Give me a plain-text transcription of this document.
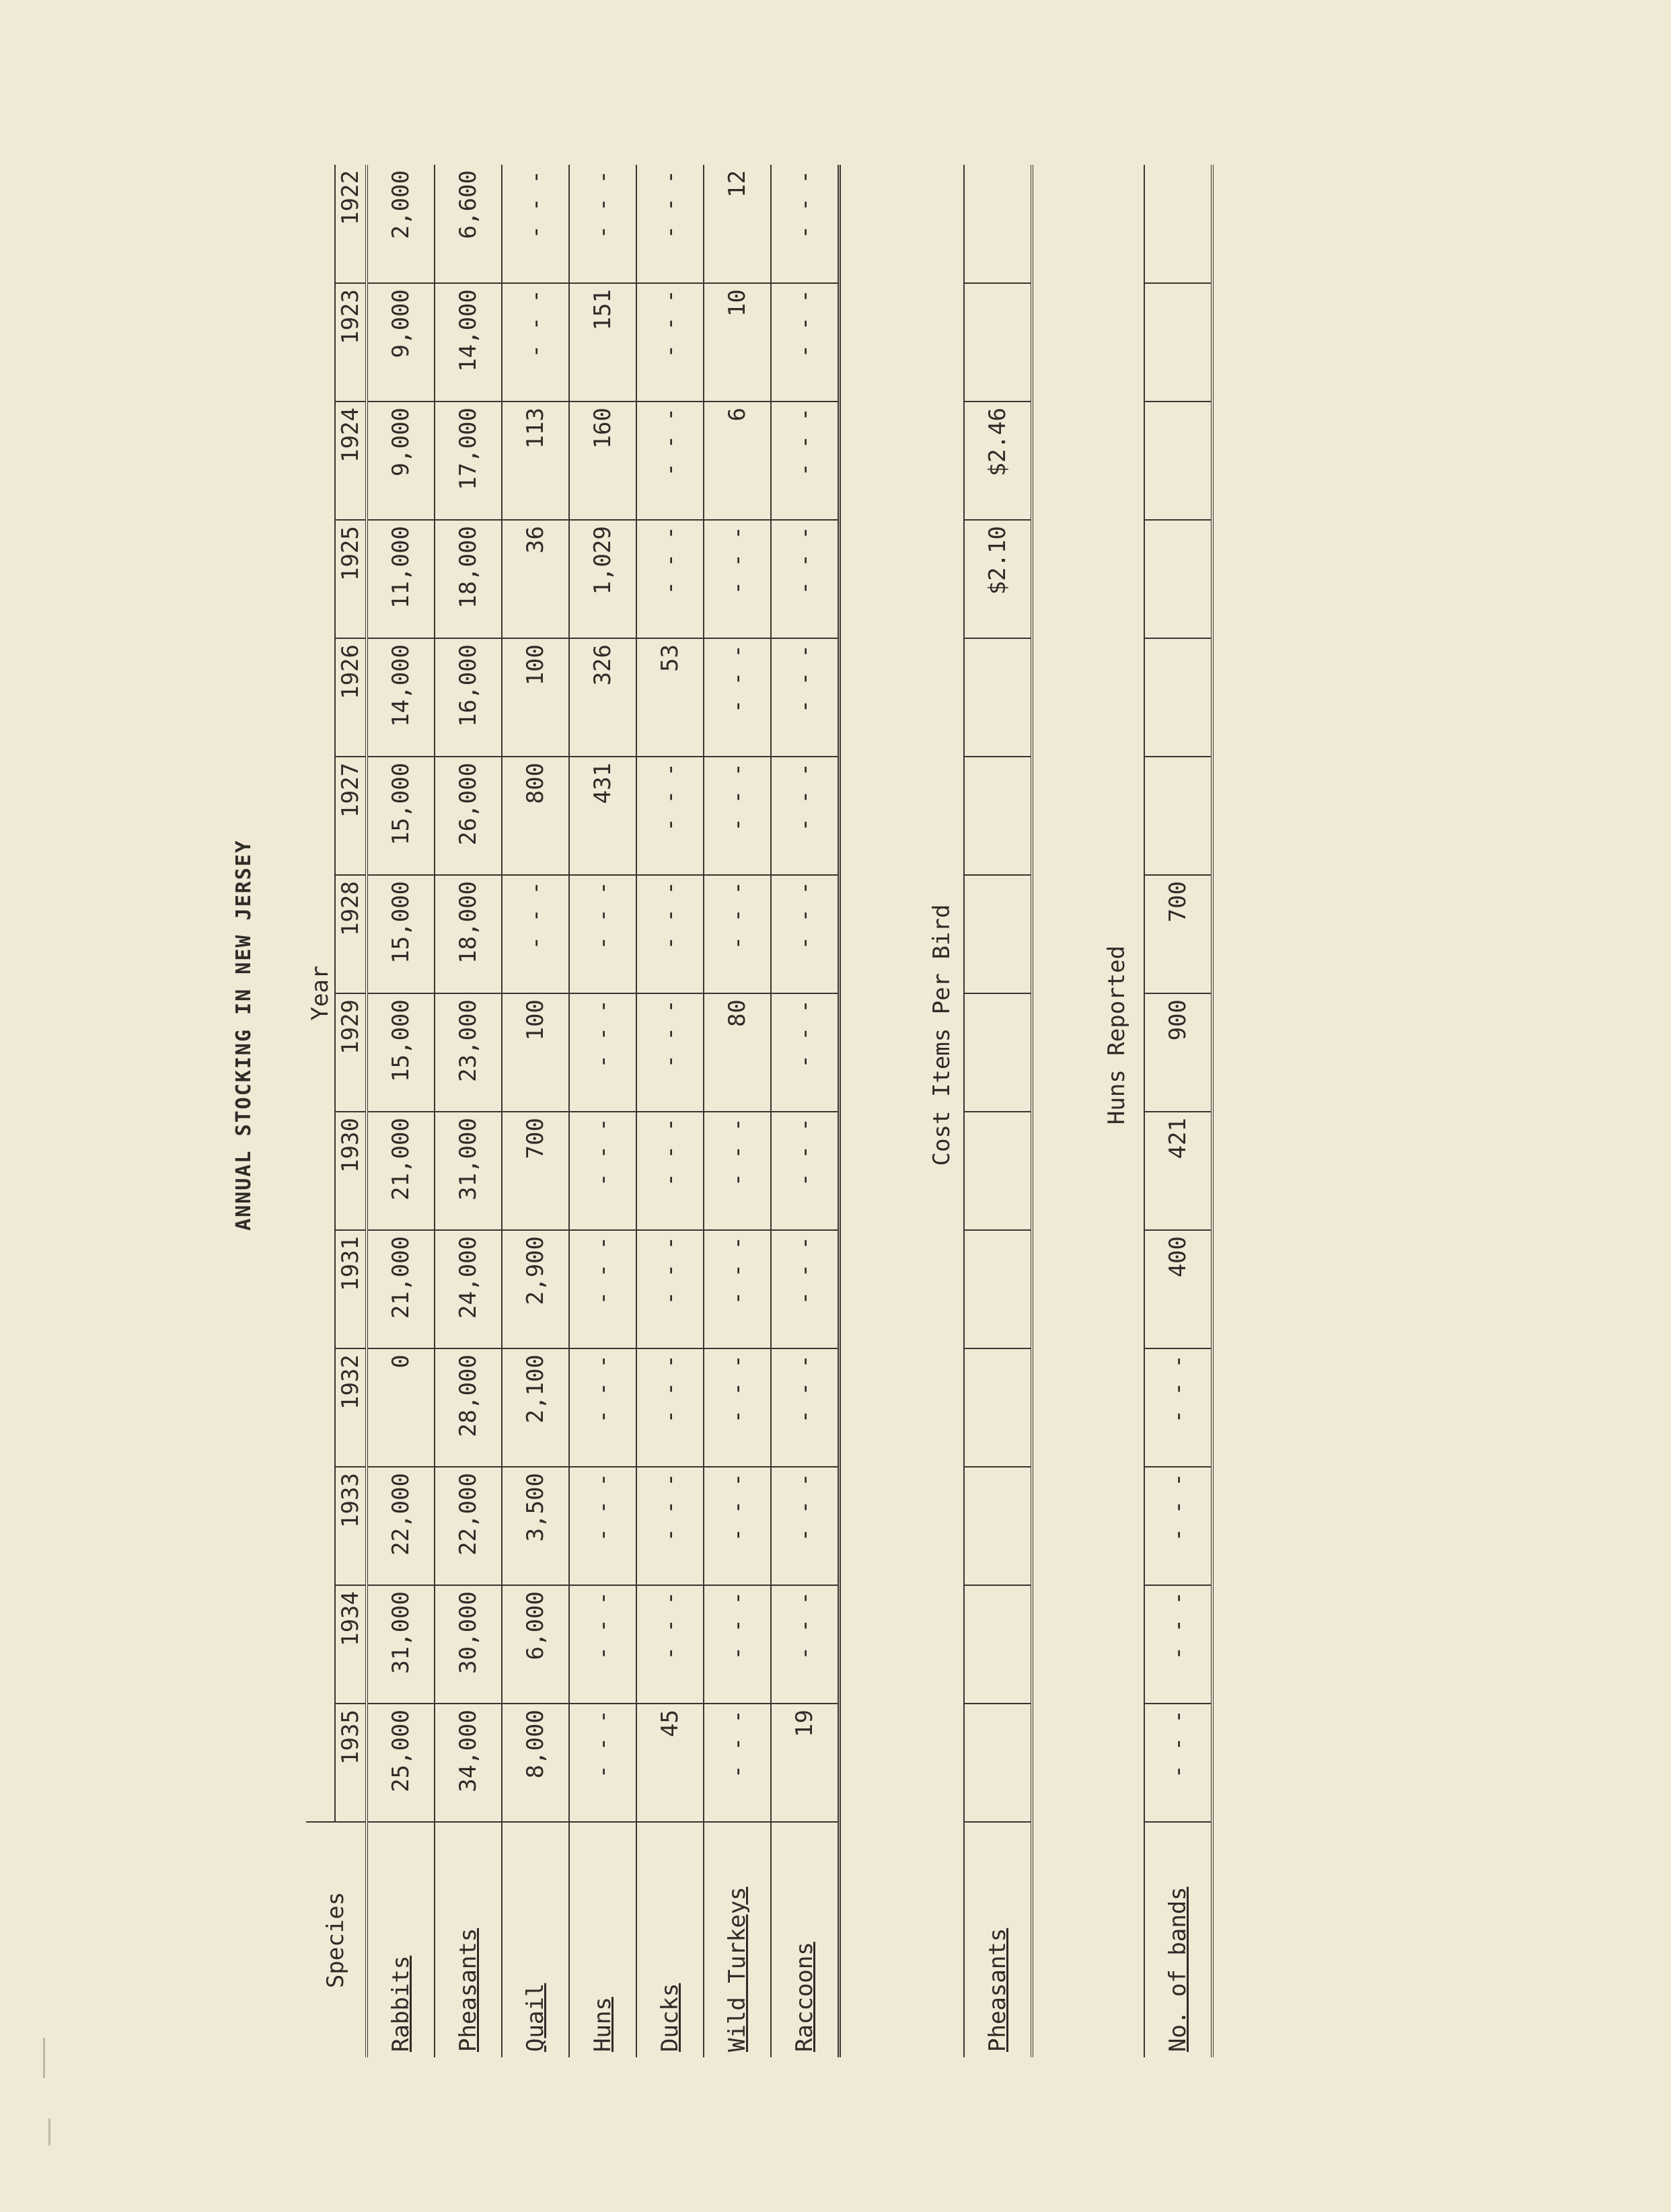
ANNUAL STOCKING IN NEW JERSEY
Species	Year													
	1935	1934	1933	1932	1931	1930	1929	1928	1927	1926	1925	1924	1923	1922
Rabbits	25,000	31,000	22,000	0	21,000	21,000	15,000	15,000	15,000	14,000	11,000	9,000	9,000	2,000
Pheasants	34,000	30,000	22,000	28,000	24,000	31,000	23,000	18,000	26,000	16,000	18,000	17,000	14,000	6,600
Quail	8,000	6,000	3,500	2,100	2,900	700	100	- - -	800	100	36	113	- - -	- - -
Huns	- - -	- - -	- - -	- - -	- - -	- - -	- - -	- - -	431	326	1,029	160	151	- - -
Ducks	45	- - -	- - -	- - -	- - -	- - -	- - -	- - -	- - -	53	- - -	- - -	- - -	- - -
Wild Turkeys	- - -	- - -	- - -	- - -	- - -	- - -	80	- - -	- - -	- - -	- - -	6	10	12
Raccoons	19	- - -	- - -	- - -	- - -	- - -	- - -	- - -	- - -	- - -	- - -	- - -	- - -	- - -
Cost Items Per Bird
Pheasants											$2.10	$2.46		
Huns Reported
No. of bands	- - -	- - -	- - -	- - -	400	421	900	700						
